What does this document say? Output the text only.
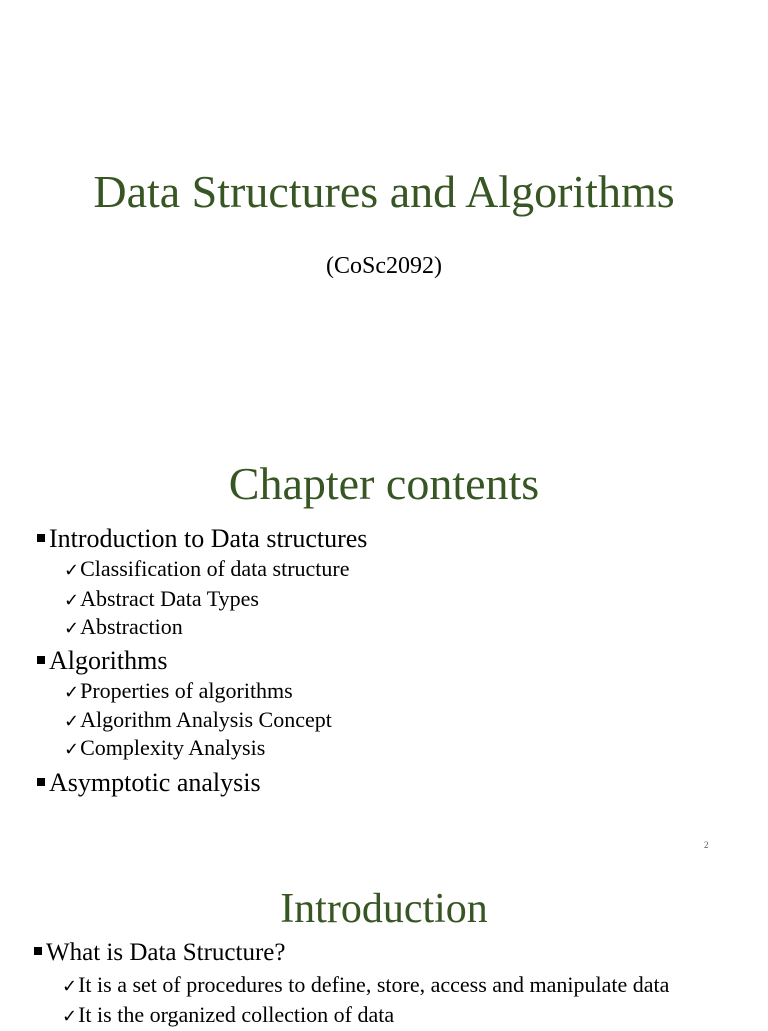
Data Structures and Algorithms

(CoSc2092)

Chapter contents
Introduction to Data structures
✓Classification of data structure
✓Abstract Data Types
✓Abstraction
Algorithms
✓Properties of algorithms
✓Algorithm Analysis Concept
✓Complexity Analysis
Asymptotic analysis
2
Introduction
What is Data Structure?
✓It is a set of procedures to define, store, access and manipulate data
✓It is the organized collection of data
